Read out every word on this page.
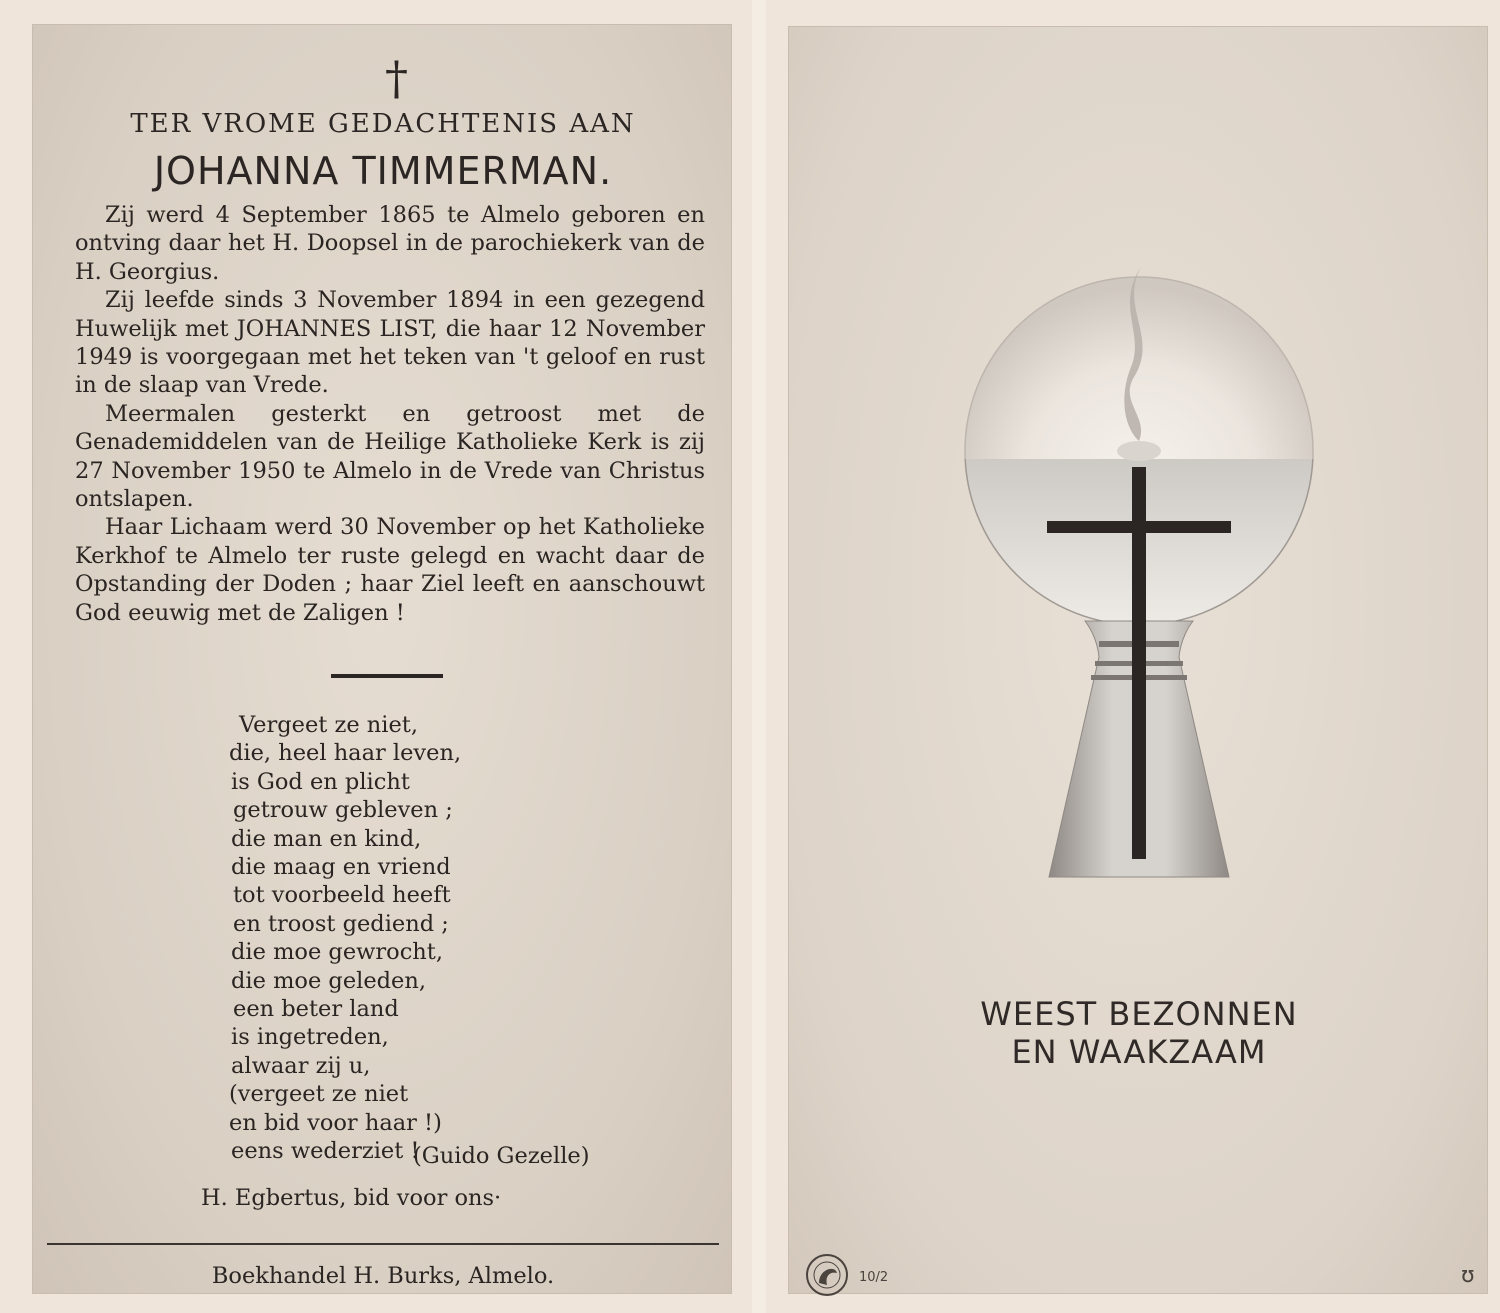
†
TER VROME GEDACHTENIS AAN
JOHANNA TIMMERMAN.

Zij werd 4 September 1865 te Almelo geboren en ontving daar het H. Doopsel in de parochiekerk van de H. Georgius.

Zij leefde sinds 3 November 1894 in een gezegend Huwelijk met JOHANNES LIST, die haar 12 November 1949 is voorgegaan met het teken van 't geloof en rust in de slaap van Vrede.

Meermalen gesterkt en getroost met de Genademiddelen van de Heilige Katholieke Kerk is zij 27 November 1950 te Almelo in de Vrede van Christus ontslapen.

Haar Lichaam werd 30 November op het Katholieke Kerkhof te Almelo ter ruste gelegd en wacht daar de Opstanding der Doden ; haar Ziel leeft en aanschouwt God eeuwig met de Zaligen !

Vergeet ze niet,
die, heel haar leven,
is God en plicht
getrouw gebleven ;
die man en kind,
die maag en vriend
tot voorbeeld heeft
en troost gediend ;
die moe gewrocht,
die moe geleden,
een beter land
is ingetreden,
alwaar zij u,
(vergeet ze niet
en bid voor haar !)
eens wederziet !
(Guido Gezelle)
H. Egbertus, bid voor ons·
Boekhandel H. Burks, Almelo.
WEEST BEZONNEN
EN WAAKZAAM
10/2	ʊ
